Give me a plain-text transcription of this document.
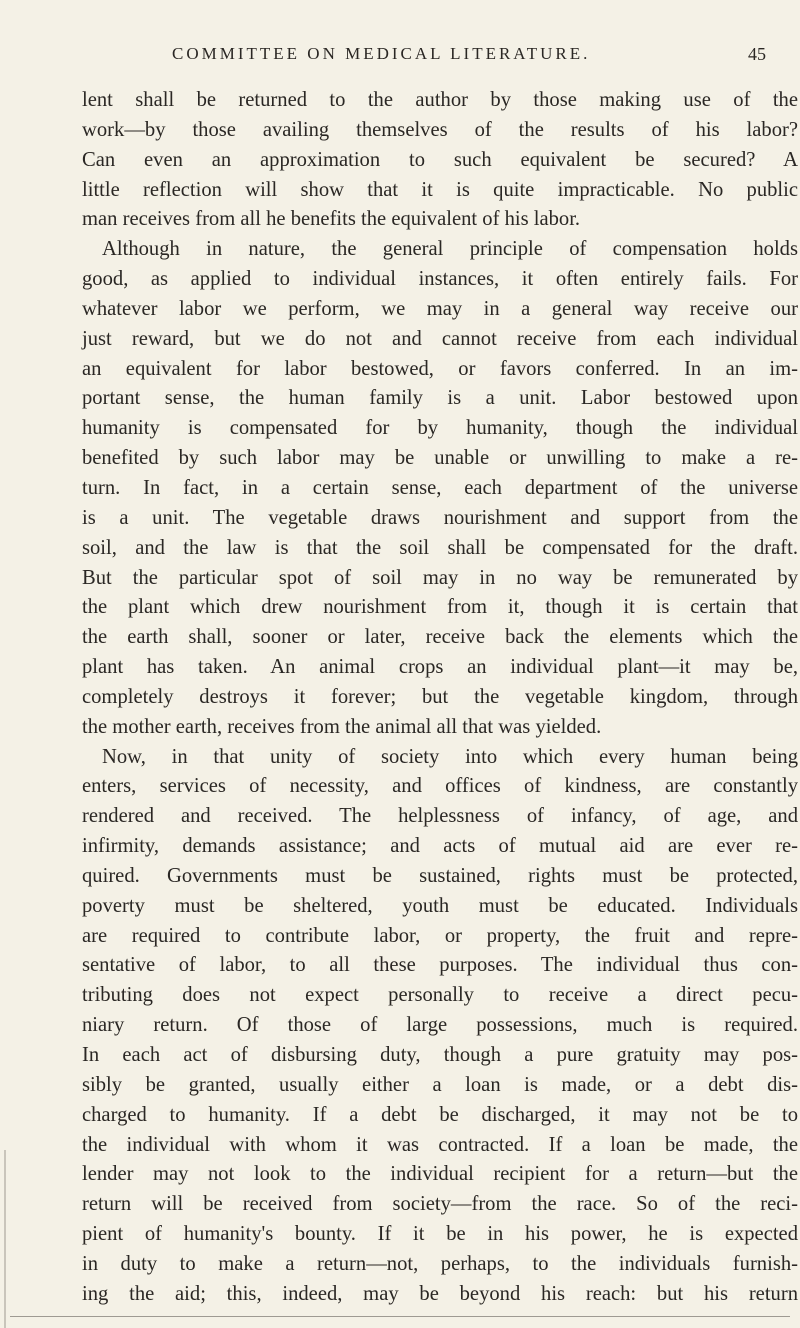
COMMITTEE ON MEDICAL LITERATURE.	45
lent shall be returned to the author by those making use of the
work—by those availing themselves of the results of his labor?
Can even an approximation to such equivalent be secured? A
little reflection will show that it is quite impracticable. No public
man receives from all he benefits the equivalent of his labor.
Although in nature, the general principle of compensation holds
good, as applied to individual instances, it often entirely fails. For
whatever labor we perform, we may in a general way receive our
just reward, but we do not and cannot receive from each individual
an equivalent for labor bestowed, or favors conferred. In an im-
portant sense, the human family is a unit. Labor bestowed upon
humanity is compensated for by humanity, though the individual
benefited by such labor may be unable or unwilling to make a re-
turn. In fact, in a certain sense, each department of the universe
is a unit. The vegetable draws nourishment and support from the
soil, and the law is that the soil shall be compensated for the draft.
But the particular spot of soil may in no way be remunerated by
the plant which drew nourishment from it, though it is certain that
the earth shall, sooner or later, receive back the elements which the
plant has taken. An animal crops an individual plant—it may be,
completely destroys it forever; but the vegetable kingdom, through
the mother earth, receives from the animal all that was yielded.
Now, in that unity of society into which every human being
enters, services of necessity, and offices of kindness, are constantly
rendered and received. The helplessness of infancy, of age, and
infirmity, demands assistance; and acts of mutual aid are ever re-
quired. Governments must be sustained, rights must be protected,
poverty must be sheltered, youth must be educated. Individuals
are required to contribute labor, or property, the fruit and repre-
sentative of labor, to all these purposes. The individual thus con-
tributing does not expect personally to receive a direct pecu-
niary return. Of those of large possessions, much is required.
In each act of disbursing duty, though a pure gratuity may pos-
sibly be granted, usually either a loan is made, or a debt dis-
charged to humanity. If a debt be discharged, it may not be to
the individual with whom it was contracted. If a loan be made, the
lender may not look to the individual recipient for a return—but the
return will be received from society—from the race. So of the reci-
pient of humanity's bounty. If it be in his power, he is expected
in duty to make a return—not, perhaps, to the individuals furnish-
ing the aid; this, indeed, may be beyond his reach: but his return
